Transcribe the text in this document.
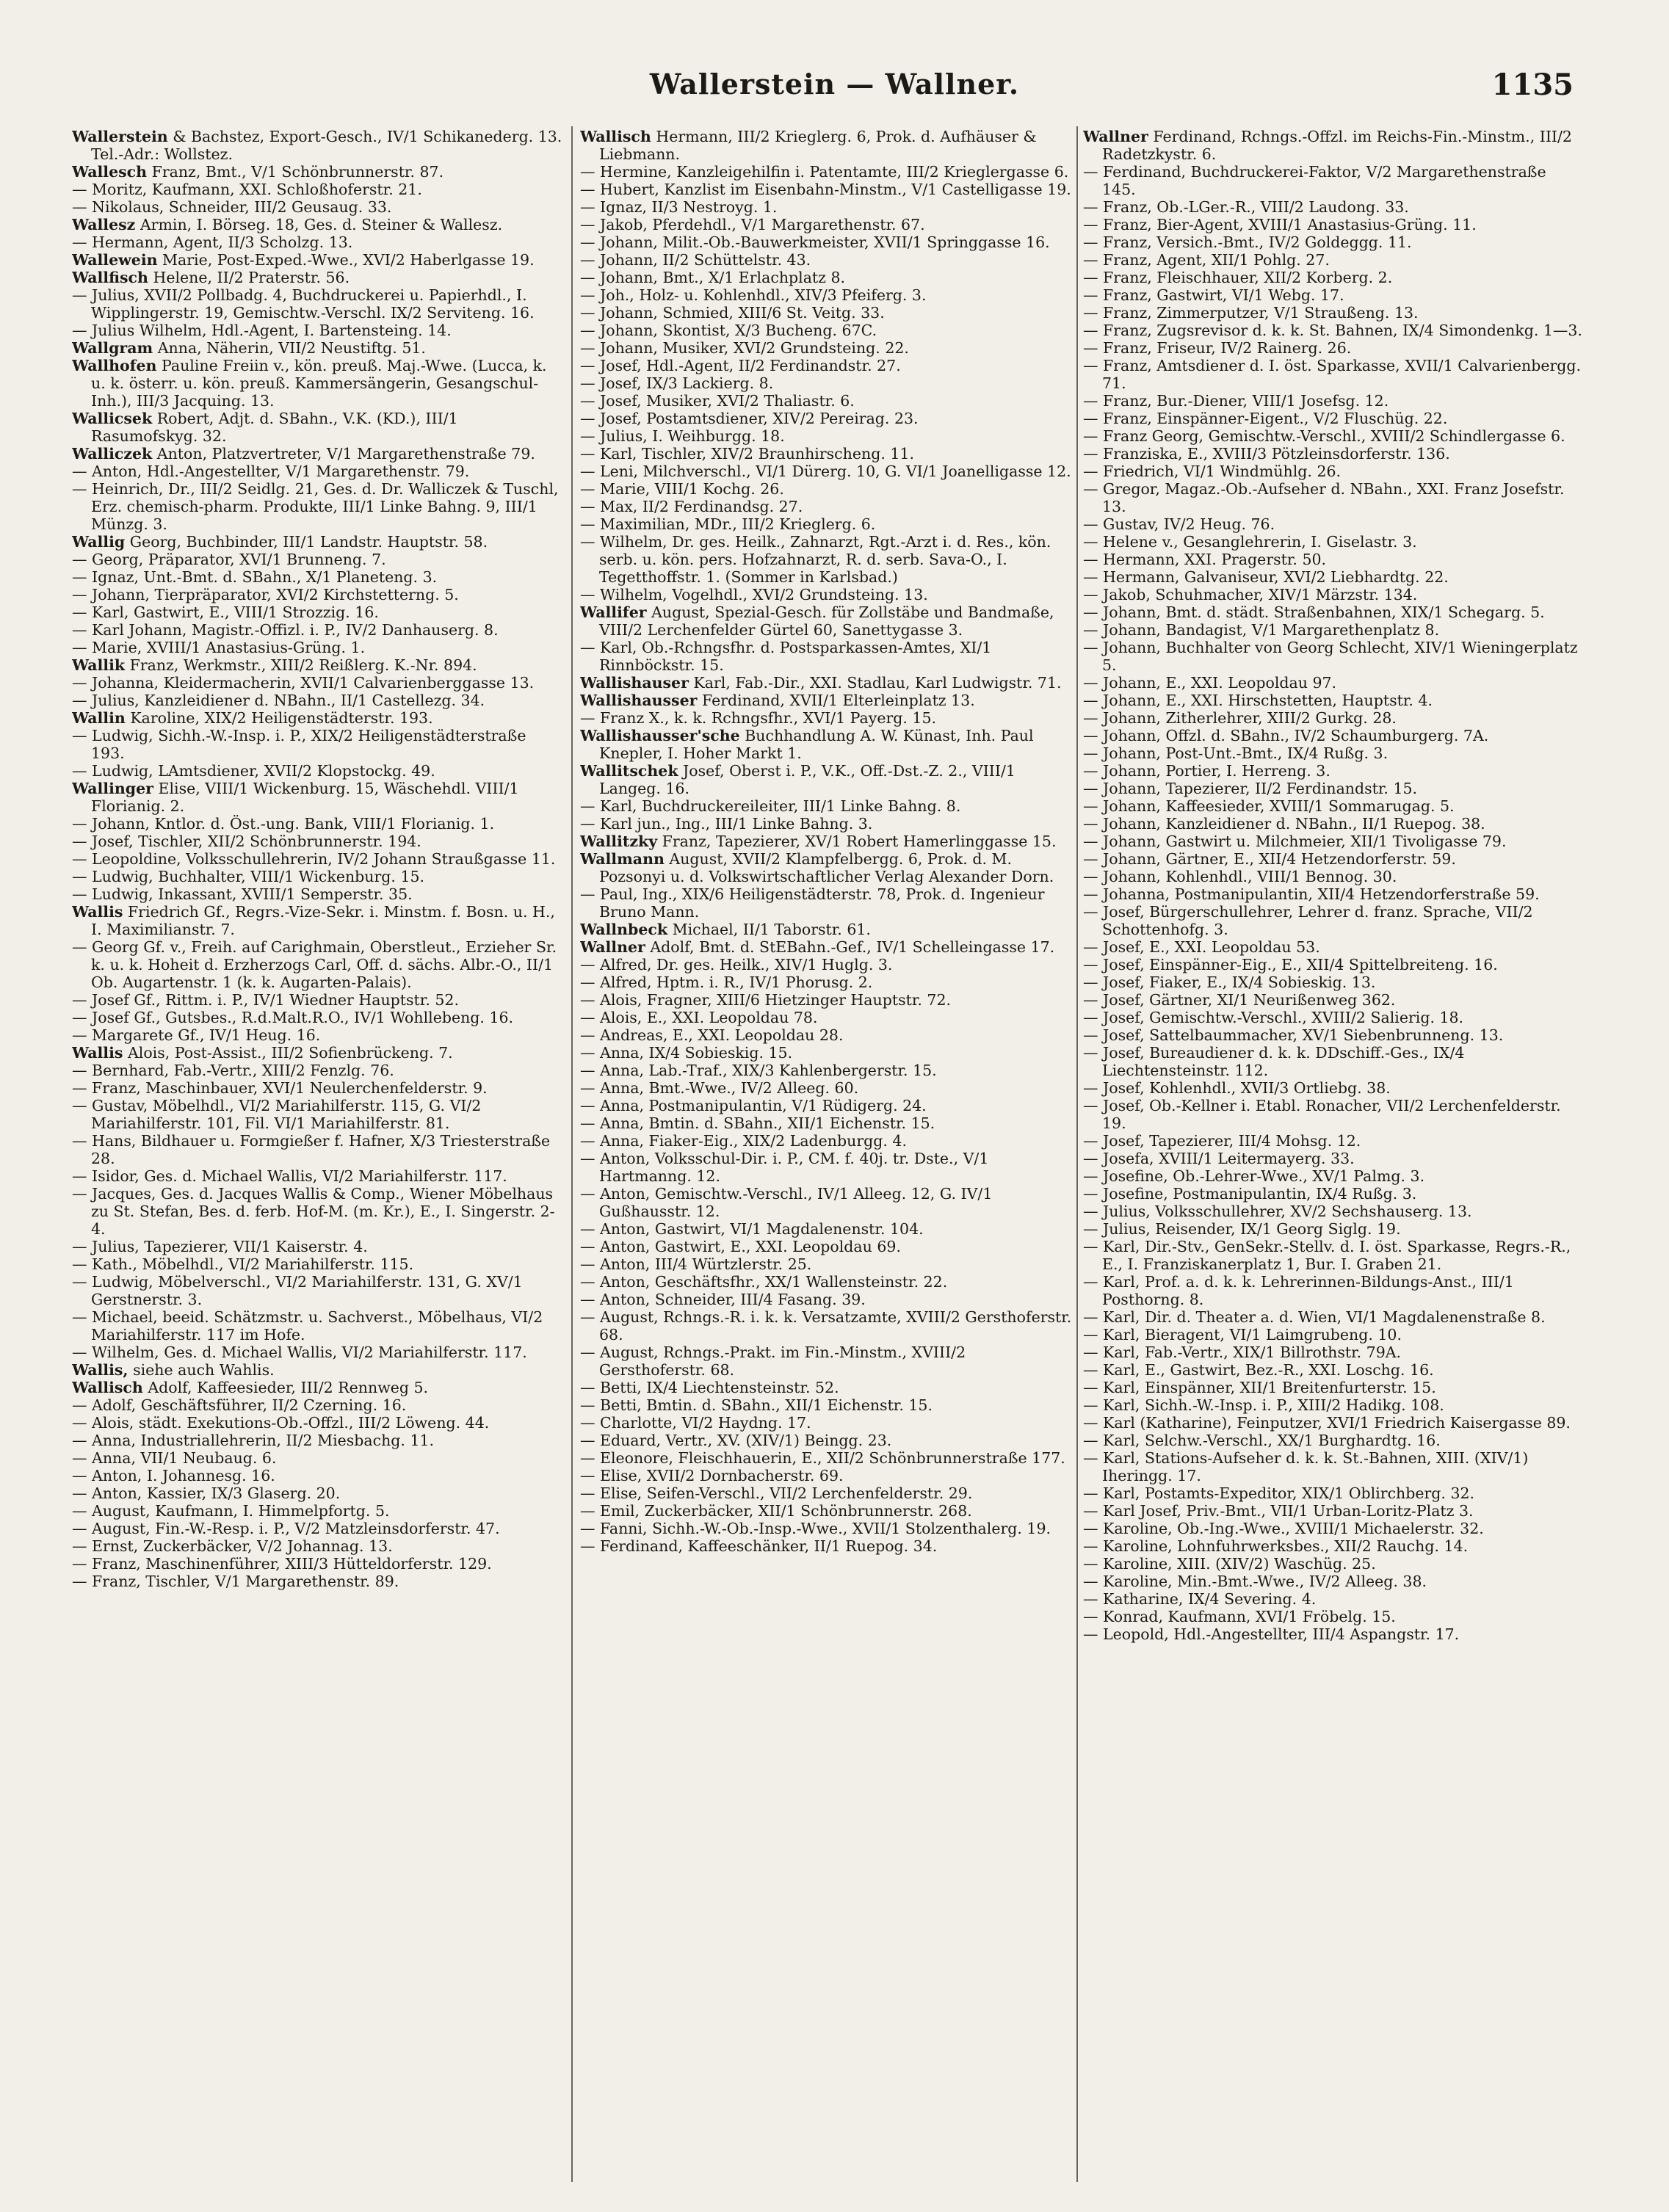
Wallerstein — Wallner.	1135

Wallerstein & Bachstez, Export-Gesch., IV/1 Schikanederg. 13. Tel.-Adr.: Wollstez.

Wallesch Franz, Bmt., V/1 Schönbrunnerstr. 87.

— Moritz, Kaufmann, XXI. Schloßhoferstr. 21.

— Nikolaus, Schneider, III/2 Geusaug. 33.

Wallesz Armin, I. Börseg. 18, Ges. d. Steiner & Wallesz.

— Hermann, Agent, II/3 Scholzg. 13.

Wallewein Marie, Post-Exped.-Wwe., XVI/2 Haberlgasse 19.

Wallfisch Helene, II/2 Praterstr. 56.

— Julius, XVII/2 Pollbadg. 4, Buchdruckerei u. Papierhdl., I. Wipplingerstr. 19, Gemischtw.-Verschl. IX/2 Serviteng. 16.

— Julius Wilhelm, Hdl.-Agent, I. Bartensteing. 14.

Wallgram Anna, Näherin, VII/2 Neustiftg. 51.

Wallhofen Pauline Freiin v., kön. preuß. Maj.-Wwe. (Lucca, k. u. k. österr. u. kön. preuß. Kammersängerin, Gesangschul-Inh.), III/3 Jacquing. 13.

Wallicsek Robert, Adjt. d. SBahn., V.K. (KD.), III/1 Rasumofskyg. 32.

Walliczek Anton, Platzvertreter, V/1 Margarethenstraße 79.

— Anton, Hdl.-Angestellter, V/1 Margarethenstr. 79.

— Heinrich, Dr., III/2 Seidlg. 21, Ges. d. Dr. Walliczek & Tuschl, Erz. chemisch-pharm. Produkte, III/1 Linke Bahng. 9, III/1 Münzg. 3.

Wallig Georg, Buchbinder, III/1 Landstr. Hauptstr. 58.

— Georg, Präparator, XVI/1 Brunneng. 7.

— Ignaz, Unt.-Bmt. d. SBahn., X/1 Planeteng. 3.

— Johann, Tierpräparator, XVI/2 Kirchstetterng. 5.

— Karl, Gastwirt, E., VIII/1 Strozzig. 16.

— Karl Johann, Magistr.-Offizl. i. P., IV/2 Danhauserg. 8.

— Marie, XVIII/1 Anastasius-Grüng. 1.

Wallik Franz, Werkmstr., XIII/2 Reißlerg. K.-Nr. 894.

— Johanna, Kleidermacherin, XVII/1 Calvarienberggasse 13.

— Julius, Kanzleidiener d. NBahn., II/1 Castellezg. 34.

Wallin Karoline, XIX/2 Heiligenstädterstr. 193.

— Ludwig, Sichh.-W.-Insp. i. P., XIX/2 Heiligenstädterstraße 193.

— Ludwig, LAmtsdiener, XVII/2 Klopstockg. 49.

Wallinger Elise, VIII/1 Wickenburg. 15, Wäschehdl. VIII/1 Florianig. 2.

— Johann, Kntlor. d. Öst.-ung. Bank, VIII/1 Florianig. 1.

— Josef, Tischler, XII/2 Schönbrunnerstr. 194.

— Leopoldine, Volksschullehrerin, IV/2 Johann Straußgasse 11.

— Ludwig, Buchhalter, VIII/1 Wickenburg. 15.

— Ludwig, Inkassant, XVIII/1 Semperstr. 35.

Wallis Friedrich Gf., Regrs.-Vize-Sekr. i. Minstm. f. Bosn. u. H., I. Maximilianstr. 7.

— Georg Gf. v., Freih. auf Carighmain, Oberstleut., Erzieher Sr. k. u. k. Hoheit d. Erzherzogs Carl, Off. d. sächs. Albr.-O., II/1 Ob. Augartenstr. 1 (k. k. Augarten-Palais).

— Josef Gf., Rittm. i. P., IV/1 Wiedner Hauptstr. 52.

— Josef Gf., Gutsbes., R.d.Malt.R.O., IV/1 Wohllebeng. 16.

— Margarete Gf., IV/1 Heug. 16.

Wallis Alois, Post-Assist., III/2 Sofienbrückeng. 7.

— Bernhard, Fab.-Vertr., XIII/2 Fenzlg. 76.

— Franz, Maschinbauer, XVI/1 Neulerchenfelderstr. 9.

— Gustav, Möbelhdl., VI/2 Mariahilferstr. 115, G. VI/2 Mariahilferstr. 101, Fil. VI/1 Mariahilferstr. 81.

— Hans, Bildhauer u. Formgießer f. Hafner, X/3 Triesterstraße 28.

— Isidor, Ges. d. Michael Wallis, VI/2 Mariahilferstr. 117.

— Jacques, Ges. d. Jacques Wallis & Comp., Wiener Möbelhaus zu St. Stefan, Bes. d. ferb. Hof-M. (m. Kr.), E., I. Singerstr. 2-4.

— Julius, Tapezierer, VII/1 Kaiserstr. 4.

— Kath., Möbelhdl., VI/2 Mariahilferstr. 115.

— Ludwig, Möbelverschl., VI/2 Mariahilferstr. 131, G. XV/1 Gerstnerstr. 3.

— Michael, beeid. Schätzmstr. u. Sachverst., Möbelhaus, VI/2 Mariahilferstr. 117 im Hofe.

— Wilhelm, Ges. d. Michael Wallis, VI/2 Mariahilferstr. 117.

Wallis, siehe auch Wahlis.

Wallisch Adolf, Kaffeesieder, III/2 Rennweg 5.

— Adolf, Geschäftsführer, II/2 Czerning. 16.

— Alois, städt. Exekutions-Ob.-Offzl., III/2 Löweng. 44.

— Anna, Industriallehrerin, II/2 Miesbachg. 11.

— Anna, VII/1 Neubaug. 6.

— Anton, I. Johannesg. 16.

— Anton, Kassier, IX/3 Glaserg. 20.

— August, Kaufmann, I. Himmelpfortg. 5.

— August, Fin.-W.-Resp. i. P., V/2 Matzleinsdorferstr. 47.

— Ernst, Zuckerbäcker, V/2 Johannag. 13.

— Franz, Maschinenführer, XIII/3 Hütteldorferstr. 129.

— Franz, Tischler, V/1 Margarethenstr. 89.

Wallisch Hermann, III/2 Krieglerg. 6, Prok. d. Aufhäuser & Liebmann.

— Hermine, Kanzleigehilfin i. Patentamte, III/2 Krieglergasse 6.

— Hubert, Kanzlist im Eisenbahn-Minstm., V/1 Castelligasse 19.

— Ignaz, II/3 Nestroyg. 1.

— Jakob, Pferdehdl., V/1 Margarethenstr. 67.

— Johann, Milit.-Ob.-Bauwerkmeister, XVII/1 Springgasse 16.

— Johann, II/2 Schüttelstr. 43.

— Johann, Bmt., X/1 Erlachplatz 8.

— Joh., Holz- u. Kohlenhdl., XIV/3 Pfeiferg. 3.

— Johann, Schmied, XIII/6 St. Veitg. 33.

— Johann, Skontist, X/3 Bucheng. 67C.

— Johann, Musiker, XVI/2 Grundsteing. 22.

— Josef, Hdl.-Agent, II/2 Ferdinandstr. 27.

— Josef, IX/3 Lackierg. 8.

— Josef, Musiker, XVI/2 Thaliastr. 6.

— Josef, Postamtsdiener, XIV/2 Pereirag. 23.

— Julius, I. Weihburgg. 18.

— Karl, Tischler, XIV/2 Braunhirscheng. 11.

— Leni, Milchverschl., VI/1 Dürerg. 10, G. VI/1 Joanelligasse 12.

— Marie, VIII/1 Kochg. 26.

— Max, II/2 Ferdinandsg. 27.

— Maximilian, MDr., III/2 Krieglerg. 6.

— Wilhelm, Dr. ges. Heilk., Zahnarzt, Rgt.-Arzt i. d. Res., kön. serb. u. kön. pers. Hofzahnarzt, R. d. serb. Sava-O., I. Tegetthoffstr. 1. (Sommer in Karlsbad.)

— Wilhelm, Vogelhdl., XVI/2 Grundsteing. 13.

Wallifer August, Spezial-Gesch. für Zollstäbe und Bandmaße, VIII/2 Lerchenfelder Gürtel 60, Sanettygasse 3.

— Karl, Ob.-Rchngsfhr. d. Postsparkassen-Amtes, XI/1 Rinnböckstr. 15.

Wallishauser Karl, Fab.-Dir., XXI. Stadlau, Karl Ludwigstr. 71.

Wallishausser Ferdinand, XVII/1 Elterleinplatz 13.

— Franz X., k. k. Rchngsfhr., XVI/1 Payerg. 15.

Wallishausser'sche Buchhandlung A. W. Künast, Inh. Paul Knepler, I. Hoher Markt 1.

Wallitschek Josef, Oberst i. P., V.K., Off.-Dst.-Z. 2., VIII/1 Langeg. 16.

— Karl, Buchdruckereileiter, III/1 Linke Bahng. 8.

— Karl jun., Ing., III/1 Linke Bahng. 3.

Wallitzky Franz, Tapezierer, XV/1 Robert Hamerlinggasse 15.

Wallmann August, XVII/2 Klampfelbergg. 6, Prok. d. M. Pozsonyi u. d. Volkswirtschaftlicher Verlag Alexander Dorn.

— Paul, Ing., XIX/6 Heiligenstädterstr. 78, Prok. d. Ingenieur Bruno Mann.

Wallnbeck Michael, II/1 Taborstr. 61.

Wallner Adolf, Bmt. d. StEBahn.-Gef., IV/1 Schelleingasse 17.

— Alfred, Dr. ges. Heilk., XIV/1 Huglg. 3.

— Alfred, Hptm. i. R., IV/1 Phorusg. 2.

— Alois, Fragner, XIII/6 Hietzinger Hauptstr. 72.

— Alois, E., XXI. Leopoldau 78.

— Andreas, E., XXI. Leopoldau 28.

— Anna, IX/4 Sobieskig. 15.

— Anna, Lab.-Traf., XIX/3 Kahlenbergerstr. 15.

— Anna, Bmt.-Wwe., IV/2 Alleeg. 60.

— Anna, Postmanipulantin, V/1 Rüdigerg. 24.

— Anna, Bmtin. d. SBahn., XII/1 Eichenstr. 15.

— Anna, Fiaker-Eig., XIX/2 Ladenburgg. 4.

— Anton, Volksschul-Dir. i. P., CM. f. 40j. tr. Dste., V/1 Hartmanng. 12.

— Anton, Gemischtw.-Verschl., IV/1 Alleeg. 12, G. IV/1 Gußhausstr. 12.

— Anton, Gastwirt, VI/1 Magdalenenstr. 104.

— Anton, Gastwirt, E., XXI. Leopoldau 69.

— Anton, III/4 Würtzlerstr. 25.

— Anton, Geschäftsfhr., XX/1 Wallensteinstr. 22.

— Anton, Schneider, III/4 Fasang. 39.

— August, Rchngs.-R. i. k. k. Versatzamte, XVIII/2 Gersthoferstr. 68.

— August, Rchngs.-Prakt. im Fin.-Minstm., XVIII/2 Gersthoferstr. 68.

— Betti, IX/4 Liechtensteinstr. 52.

— Betti, Bmtin. d. SBahn., XII/1 Eichenstr. 15.

— Charlotte, VI/2 Haydng. 17.

— Eduard, Vertr., XV. (XIV/1) Beingg. 23.

— Eleonore, Fleischhauerin, E., XII/2 Schönbrunnerstraße 177.

— Elise, XVII/2 Dornbacherstr. 69.

— Elise, Seifen-Verschl., VII/2 Lerchenfelderstr. 29.

— Emil, Zuckerbäcker, XII/1 Schönbrunnerstr. 268.

— Fanni, Sichh.-W.-Ob.-Insp.-Wwe., XVII/1 Stolzenthalerg. 19.

— Ferdinand, Kaffeeschänker, II/1 Ruepog. 34.

Wallner Ferdinand, Rchngs.-Offzl. im Reichs-Fin.-Minstm., III/2 Radetzkystr. 6.

— Ferdinand, Buchdruckerei-Faktor, V/2 Margarethenstraße 145.

— Franz, Ob.-LGer.-R., VIII/2 Laudong. 33.

— Franz, Bier-Agent, XVIII/1 Anastasius-Grüng. 11.

— Franz, Versich.-Bmt., IV/2 Goldeggg. 11.

— Franz, Agent, XII/1 Pohlg. 27.

— Franz, Fleischhauer, XII/2 Korberg. 2.

— Franz, Gastwirt, VI/1 Webg. 17.

— Franz, Zimmerputzer, V/1 Straußeng. 13.

— Franz, Zugsrevisor d. k. k. St. Bahnen, IX/4 Simondenkg. 1—3.

— Franz, Friseur, IV/2 Rainerg. 26.

— Franz, Amtsdiener d. I. öst. Sparkasse, XVII/1 Calvarienbergg. 71.

— Franz, Bur.-Diener, VIII/1 Josefsg. 12.

— Franz, Einspänner-Eigent., V/2 Fluschüg. 22.

— Franz Georg, Gemischtw.-Verschl., XVIII/2 Schindlergasse 6.

— Franziska, E., XVIII/3 Pötzleinsdorferstr. 136.

— Friedrich, VI/1 Windmühlg. 26.

— Gregor, Magaz.-Ob.-Aufseher d. NBahn., XXI. Franz Josefstr. 13.

— Gustav, IV/2 Heug. 76.

— Helene v., Gesanglehrerin, I. Giselastr. 3.

— Hermann, XXI. Pragerstr. 50.

— Hermann, Galvaniseur, XVI/2 Liebhardtg. 22.

— Jakob, Schuhmacher, XIV/1 Märzstr. 134.

— Johann, Bmt. d. städt. Straßenbahnen, XIX/1 Schegarg. 5.

— Johann, Bandagist, V/1 Margarethenplatz 8.

— Johann, Buchhalter von Georg Schlecht, XIV/1 Wieningerplatz 5.

— Johann, E., XXI. Leopoldau 97.

— Johann, E., XXI. Hirschstetten, Hauptstr. 4.

— Johann, Zitherlehrer, XIII/2 Gurkg. 28.

— Johann, Offzl. d. SBahn., IV/2 Schaumburgerg. 7A.

— Johann, Post-Unt.-Bmt., IX/4 Rußg. 3.

— Johann, Portier, I. Herreng. 3.

— Johann, Tapezierer, II/2 Ferdinandstr. 15.

— Johann, Kaffeesieder, XVIII/1 Sommarugag. 5.

— Johann, Kanzleidiener d. NBahn., II/1 Ruepog. 38.

— Johann, Gastwirt u. Milchmeier, XII/1 Tivoligasse 79.

— Johann, Gärtner, E., XII/4 Hetzendorferstr. 59.

— Johann, Kohlenhdl., VIII/1 Bennog. 30.

— Johanna, Postmanipulantin, XII/4 Hetzendorferstraße 59.

— Josef, Bürgerschullehrer, Lehrer d. franz. Sprache, VII/2 Schottenhofg. 3.

— Josef, E., XXI. Leopoldau 53.

— Josef, Einspänner-Eig., E., XII/4 Spittelbreiteng. 16.

— Josef, Fiaker, E., IX/4 Sobieskig. 13.

— Josef, Gärtner, XI/1 Neurißenweg 362.

— Josef, Gemischtw.-Verschl., XVIII/2 Salierig. 18.

— Josef, Sattelbaummacher, XV/1 Siebenbrunneng. 13.

— Josef, Bureaudiener d. k. k. DDschiff.-Ges., IX/4 Liechtensteinstr. 112.

— Josef, Kohlenhdl., XVII/3 Ortliebg. 38.

— Josef, Ob.-Kellner i. Etabl. Ronacher, VII/2 Lerchenfelderstr. 19.

— Josef, Tapezierer, III/4 Mohsg. 12.

— Josefa, XVIII/1 Leitermayerg. 33.

— Josefine, Ob.-Lehrer-Wwe., XV/1 Palmg. 3.

— Josefine, Postmanipulantin, IX/4 Rußg. 3.

— Julius, Volksschullehrer, XV/2 Sechshauserg. 13.

— Julius, Reisender, IX/1 Georg Siglg. 19.

— Karl, Dir.-Stv., GenSekr.-Stellv. d. I. öst. Sparkasse, Regrs.-R., E., I. Franziskanerplatz 1, Bur. I. Graben 21.

— Karl, Prof. a. d. k. k. Lehrerinnen-Bildungs-Anst., III/1 Posthorng. 8.

— Karl, Dir. d. Theater a. d. Wien, VI/1 Magdalenenstraße 8.

— Karl, Bieragent, VI/1 Laimgrubeng. 10.

— Karl, Fab.-Vertr., XIX/1 Billrothstr. 79A.

— Karl, E., Gastwirt, Bez.-R., XXI. Loschg. 16.

— Karl, Einspänner, XII/1 Breitenfurterstr. 15.

— Karl, Sichh.-W.-Insp. i. P., XIII/2 Hadikg. 108.

— Karl (Katharine), Feinputzer, XVI/1 Friedrich Kaisergasse 89.

— Karl, Selchw.-Verschl., XX/1 Burghardtg. 16.

— Karl, Stations-Aufseher d. k. k. St.-Bahnen, XIII. (XIV/1) Iheringg. 17.

— Karl, Postamts-Expeditor, XIX/1 Oblirchberg. 32.

— Karl Josef, Priv.-Bmt., VII/1 Urban-Loritz-Platz 3.

— Karoline, Ob.-Ing.-Wwe., XVIII/1 Michaelerstr. 32.

— Karoline, Lohnfuhrwerksbes., XII/2 Rauchg. 14.

— Karoline, XIII. (XIV/2) Waschüg. 25.

— Karoline, Min.-Bmt.-Wwe., IV/2 Alleeg. 38.

— Katharine, IX/4 Severing. 4.

— Konrad, Kaufmann, XVI/1 Fröbelg. 15.

— Leopold, Hdl.-Angestellter, III/4 Aspangstr. 17.
